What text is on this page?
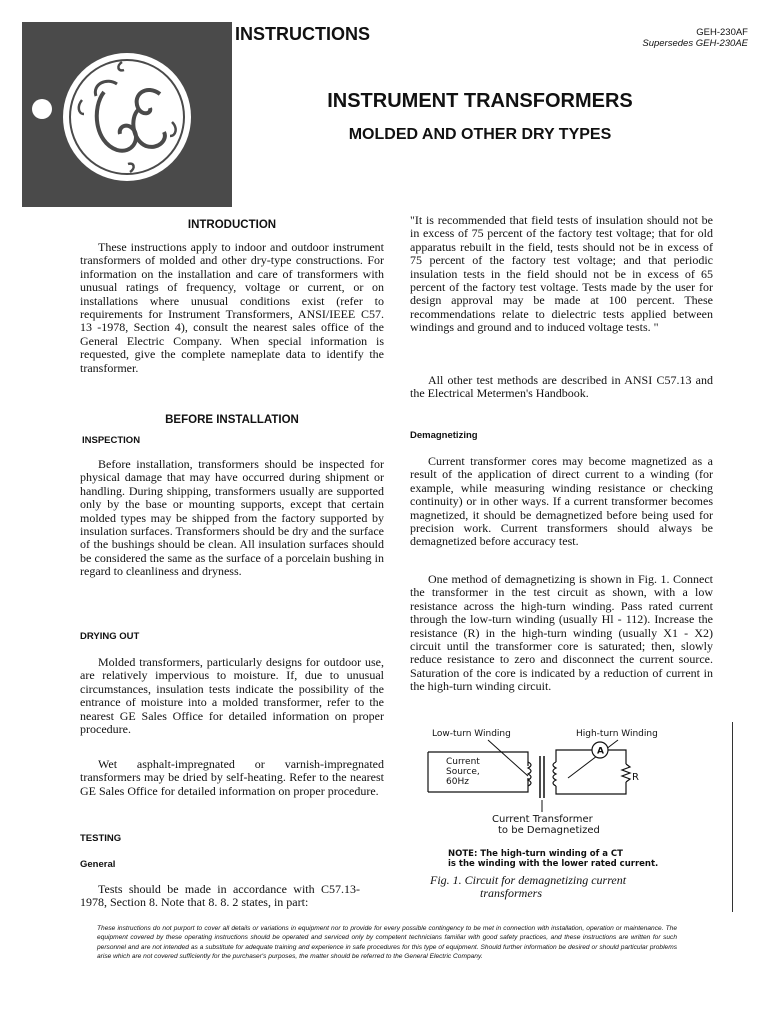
INSTRUCTIONS	GEH-230AF
Supersedes GEH-230AE
INSTRUMENT TRANSFORMERS
MOLDED AND OTHER DRY TYPES
INTRODUCTION

These instructions apply to indoor and outdoor instrument transformers of molded and other dry-type constructions. For information on the installation and care of transformers with unusual ratings of frequency, voltage or current, or on installations where unusual conditions exist (refer to requirements for Instrument Transformers, ANSI/IEEE C57. 13 -1978, Section 4), consult the nearest sales office of the General Electric Company. When special information is requested, give the complete nameplate data to identify the transformer.

BEFORE INSTALLATION
INSPECTION

Before installation, transformers should be inspected for physical damage that may have occurred during shipment or handling. During shipping, transformers usually are supported only by the base or mounting supports, except that certain molded types may be shipped from the factory supported by insulation surfaces. Transformers should be dry and the surface of the bushings should be clean. All insulation surfaces should be considered the same as the surface of a porcelain bushing in regard to cleanliness and dryness.

DRYING OUT

Molded transformers, particularly designs for outdoor use, are relatively impervious to moisture. If, due to unusual circumstances, insulation tests indicate the possibility of the entrance of moisture into a molded transformer, refer to the nearest GE Sales Office for detailed information on proper procedure.

Wet asphalt-impregnated or varnish-impregnated transformers may be dried by self-heating. Refer to the nearest GE Sales Office for detailed information on proper procedure.

TESTING
General

Tests should be made in accordance with C57.13-1978, Section 8. Note that 8. 8. 2 states, in part:

"It is recommended that field tests of insulation should not be in excess of 75 percent of the factory test voltage; that for old apparatus rebuilt in the field, tests should not be in excess of 75 percent of the factory test voltage; and that periodic insulation tests in the field should not be in excess of 65 percent of the factory test voltage. Tests made by the user for design approval may be made at 100 percent. These recommendations relate to dielectric tests applied between windings and ground and to induced voltage tests. "

All other test methods are described in ANSI C57.13 and the Electrical Metermen's Handbook.

Demagnetizing

Current transformer cores may become magnetized as a result of the application of direct current to a winding (for example, while measuring winding resistance or checking continuity) or in other ways. If a current transformer becomes magnetized, it should be demagnetized before being used for precision work. Current transformers should always be demagnetized before accuracy test.

One method of demagnetizing is shown in Fig. 1. Connect the transformer in the test circuit as shown, with a low resistance across the high-turn winding. Pass rated current through the low-turn winding (usually Hl - 112). Increase the resistance (R) in the high-turn winding (usually X1 - X2) circuit until the transformer core is saturated; then, slowly reduce resistance to zero and disconnect the current source. Saturation of the core is indicated by a reduction of current in the high-turn winding circuit.

Low-turn Winding	High-turn Winding
Current
Source,
60Hz
A
R
Current Transformer
to be Demagnetized
NOTE: The high-turn winding of a CT
is the winding with the lower rated current.
Fig. 1. Circuit for demagnetizing current
transformers
These instructions do not purport to cover all details or variations in equipment nor to provide for every possible contingency to be met in connection with installation, operation or maintenance. The equipment covered by these operating instructions should be operated and serviced only by competent technicians familiar with good safety practices, and these instructions are written for such personnel and are not intended as a substitute for adequate training and experience in safe procedures for this type of equipment. Should further information be desired or should particular problems arise which are not covered sufficiently for the purchaser's purposes, the matter should be referred to the General Electric Company.
